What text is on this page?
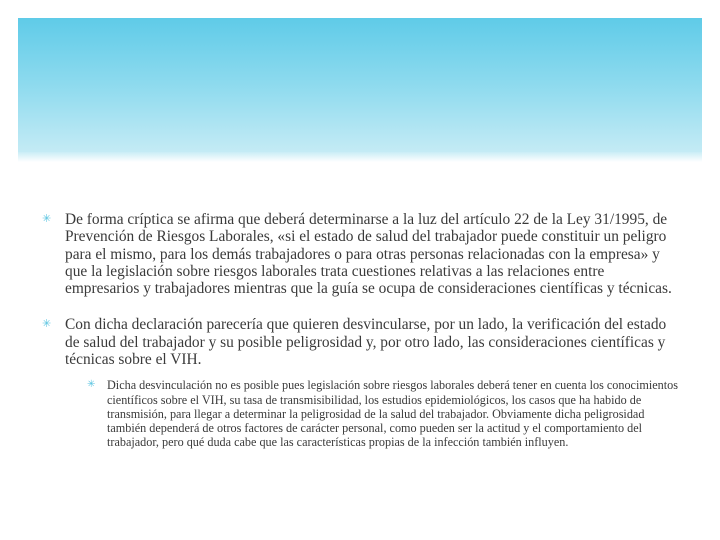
✳ De forma críptica se afirma que deberá determinarse a la luz del artículo 22 de la Ley 31/1995, de Prevención de Riesgos Laborales, «si el estado de salud del trabajador puede constituir un peligro para el mismo, para los demás trabajadores o para otras personas relacionadas con la empresa» y que la legislación sobre riesgos laborales trata cuestiones relativas a las relaciones entre empresarios y trabajadores mientras que la guía se ocupa de consideraciones científicas y técnicas.
✳ Con dicha declaración parecería que quieren desvincularse, por un lado, la verificación del estado de salud del trabajador y su posible peligrosidad y, por otro lado, las consideraciones científicas y técnicas sobre el VIH.
✳ Dicha desvinculación no es posible pues legislación sobre riesgos laborales deberá tener en cuenta los conocimientos científicos sobre el VIH, su tasa de transmisibilidad, los estudios epidemiológicos, los casos que ha habido de transmisión, para llegar a determinar la peligrosidad de la salud del trabajador. Obviamente dicha peligrosidad también dependerá de otros factores de carácter personal, como pueden ser la actitud y el comportamiento del trabajador, pero qué duda cabe que las características propias de la infección también influyen.
